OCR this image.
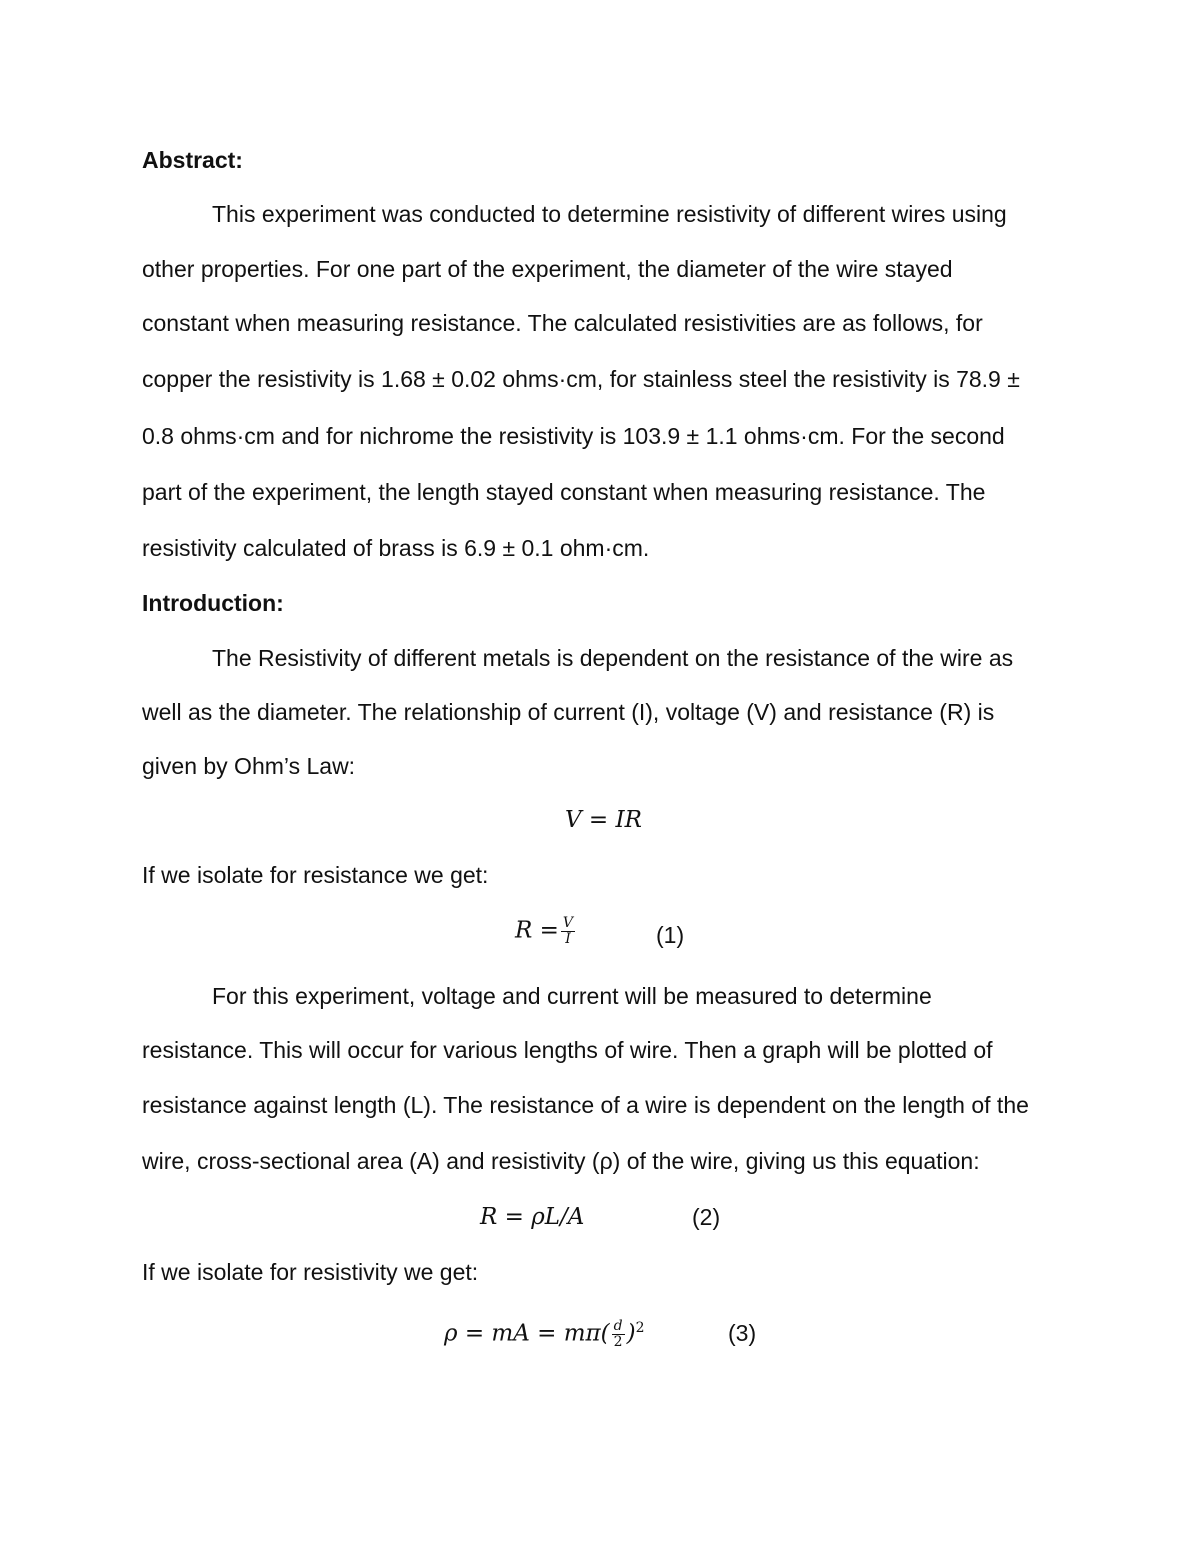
Abstract:
This experiment was conducted to determine resistivity of different wires using
other properties. For one part of the experiment, the diameter of the wire stayed
constant when measuring resistance. The calculated resistivities are as follows, for
copper the resistivity is 1.68 ± 0.02 ohms·cm, for stainless steel the resistivity is 78.9 ±
0.8 ohms·cm and for nichrome the resistivity is 103.9 ± 1.1 ohms·cm. For the second
part of the experiment, the length stayed constant when measuring resistance. The
resistivity calculated of brass is 6.9 ± 0.1 ohm·cm.
Introduction:
The Resistivity of different metals is dependent on the resistance of the wire as
well as the diameter. The relationship of current (I), voltage (V) and resistance (R) is
given by Ohm’s Law:
V = IR
If we isolate for resistance we get:
$R = \frac{V}{I}$	(1)
For this experiment, voltage and current will be measured to determine
resistance. This will occur for various lengths of wire. Then a graph will be plotted of
resistance against length (L). The resistance of a wire is dependent on the length of the
wire, cross-sectional area (A) and resistivity (ρ) of the wire, giving us this equation:
R = ρL/A	(2)
If we isolate for resistivity we get:
ρ = mA = $m\pi( \frac{d}{2} )^2$	(3)
